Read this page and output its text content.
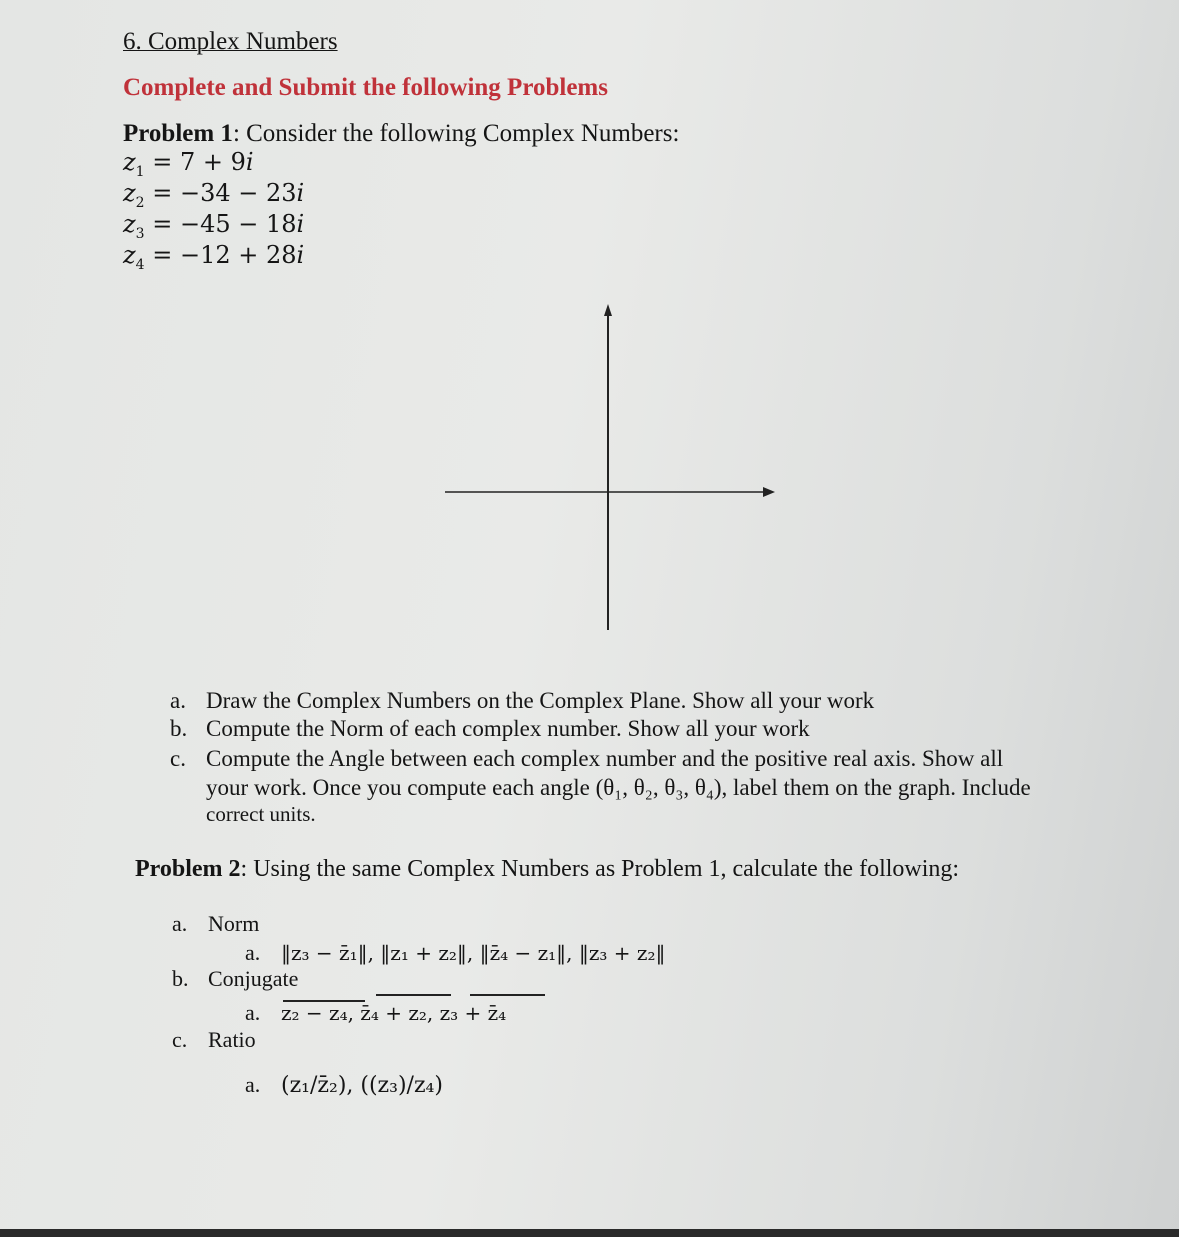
6. Complex Numbers
Complete and Submit the following Problems
Problem 1: Consider the following Complex Numbers:
$z_1 = 7 + 9i$
$z_2 = -34 - 23i$
$z_3 = -45 - 18i$
$z_4 = -12 + 28i$
a. Draw the Complex Numbers on the Complex Plane. Show all your work
b. Compute the Norm of each complex number. Show all your work
c. Compute the Angle between each complex number and the positive real axis. Show all
your work. Once you compute each angle (θ₁, θ₂, θ₃, θ₄), label them on the graph. Include
correct units.
Problem 2: Using the same Complex Numbers as Problem 1, calculate the following:
a. Norm
a. ‖z₃ − z̄₁‖, ‖z₁ + z₂‖, ‖z̄₄ − z₁‖, ‖z₃ + z₂‖
b. Conjugate
a. z₂ − z₄, z̄₄ + z₂, z₃ + z̄₄
c. Ratio
a. (z₁/z̄₂), ((z₃)/z₄)
